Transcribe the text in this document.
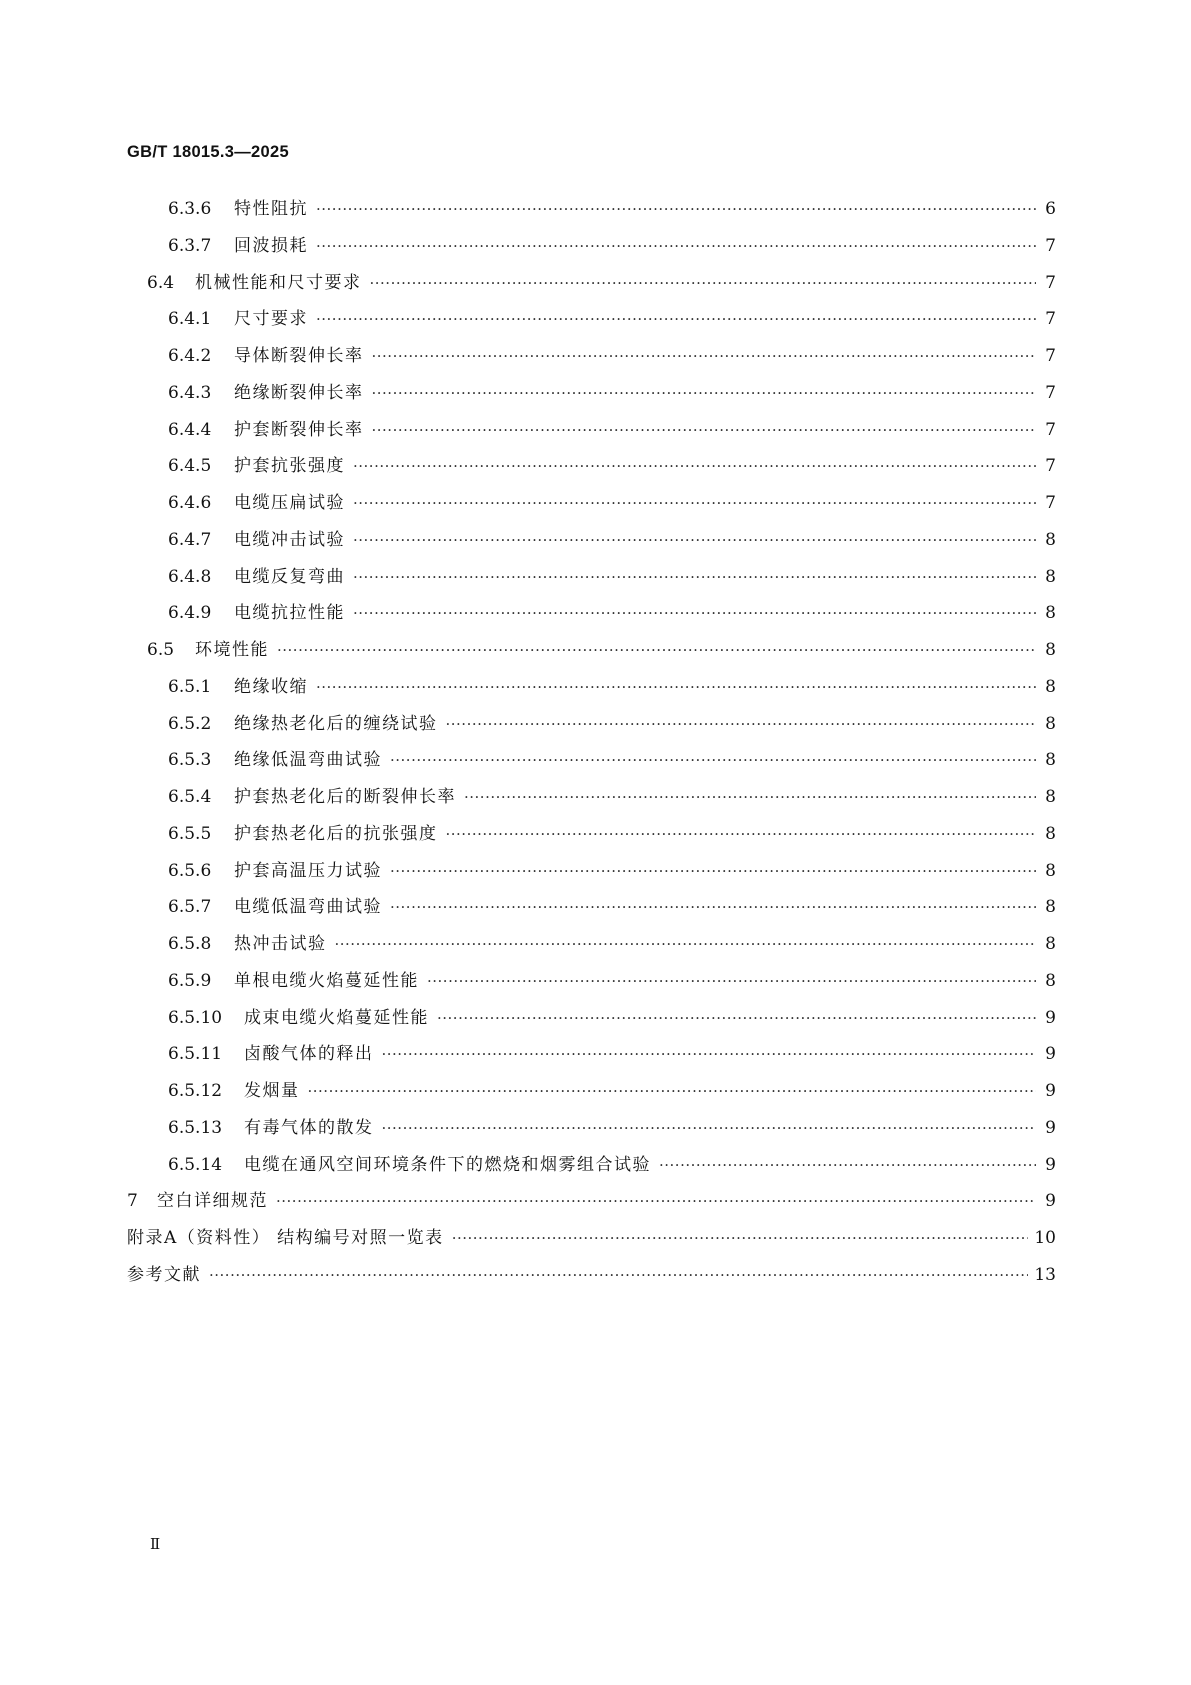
GB/T 18015.3—2025
6.3.6	特性阻抗 ·····	6
6.3.7	回波损耗 ·····	7
6.4	机械性能和尺寸要求 ·····	7
6.4.1	尺寸要求 ·····	7
6.4.2	导体断裂伸长率 ·····	7
6.4.3	绝缘断裂伸长率 ·····	7
6.4.4	护套断裂伸长率 ·····	7
6.4.5	护套抗张强度 ·····	7
6.4.6	电缆压扁试验 ·····	7
6.4.7	电缆冲击试验 ·····	8
6.4.8	电缆反复弯曲 ·····	8
6.4.9	电缆抗拉性能 ·····	8
6.5	环境性能 ·····	8
6.5.1	绝缘收缩 ·····	8
6.5.2	绝缘热老化后的缠绕试验 ·····	8
6.5.3	绝缘低温弯曲试验 ·····	8
6.5.4	护套热老化后的断裂伸长率 ·····	8
6.5.5	护套热老化后的抗张强度 ·····	8
6.5.6	护套高温压力试验 ·····	8
6.5.7	电缆低温弯曲试验 ·····	8
6.5.8	热冲击试验 ·····	8
6.5.9	单根电缆火焰蔓延性能 ·····	8
6.5.10	成束电缆火焰蔓延性能 ·····	9
6.5.11	卤酸气体的释出 ·····	9
6.5.12	发烟量 ·····	9
6.5.13	有毒气体的散发 ·····	9
6.5.14	电缆在通风空间环境条件下的燃烧和烟雾组合试验 ·····	9
7	空白详细规范 ·····	9
附录A（资料性） 结构编号对照一览表 ·····	10
参考文献 ·····	13
Ⅱ
